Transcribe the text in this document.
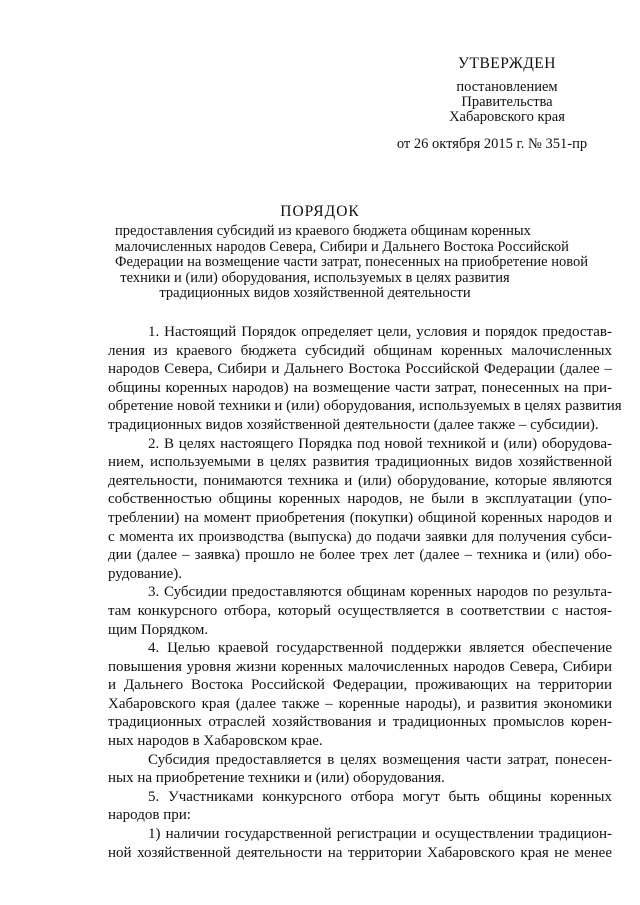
УТВЕРЖДЕН
постановлением
Правительства
Хабаровского края
от 26 октября 2015 г. № 351-пр
ПОРЯДОК
предоставления субсидий из краевого бюджета общинам коренных
малочисленных народов Севера, Сибири и Дальнего Востока Российской
Федерации на возмещение части затрат, понесенных на приобретение новой
техники и (или) оборудования, используемых в целях развития
традиционных видов хозяйственной деятельности
1. Настоящий Порядок определяет цели, условия и порядок предостав-
ления из краевого бюджета субсидий общинам коренных малочисленных
народов Севера, Сибири и Дальнего Востока Российской Федерации (далее –
общины коренных народов) на возмещение части затрат, понесенных на при-
обретение новой техники и (или) оборудования, используемых в целях развития
традиционных видов хозяйственной деятельности (далее также – субсидии).
2. В целях настоящего Порядка под новой техникой и (или) оборудова-
нием, используемыми в целях развития традиционных видов хозяйственной
деятельности, понимаются техника и (или) оборудование, которые являются
собственностью общины коренных народов, не были в эксплуатации (упо-
треблении) на момент приобретения (покупки) общиной коренных народов и
с момента их производства (выпуска) до подачи заявки для получения субси-
дии (далее – заявка) прошло не более трех лет (далее – техника и (или) обо-
рудование).
3. Субсидии предоставляются общинам коренных народов по результа-
там конкурсного отбора, который осуществляется в соответствии с настоя-
щим Порядком.
4. Целью краевой государственной поддержки является обеспечение
повышения уровня жизни коренных малочисленных народов Севера, Сибири
и Дальнего Востока Российской Федерации, проживающих на территории
Хабаровского края (далее также – коренные народы), и развития экономики
традиционных отраслей хозяйствования и традиционных промыслов корен-
ных народов в Хабаровском крае.
Субсидия предоставляется в целях возмещения части затрат, понесен-
ных на приобретение техники и (или) оборудования.
5. Участниками конкурсного отбора могут быть общины коренных
народов при:
1) наличии государственной регистрации и осуществлении традицион-
ной хозяйственной деятельности на территории Хабаровского края не менее
